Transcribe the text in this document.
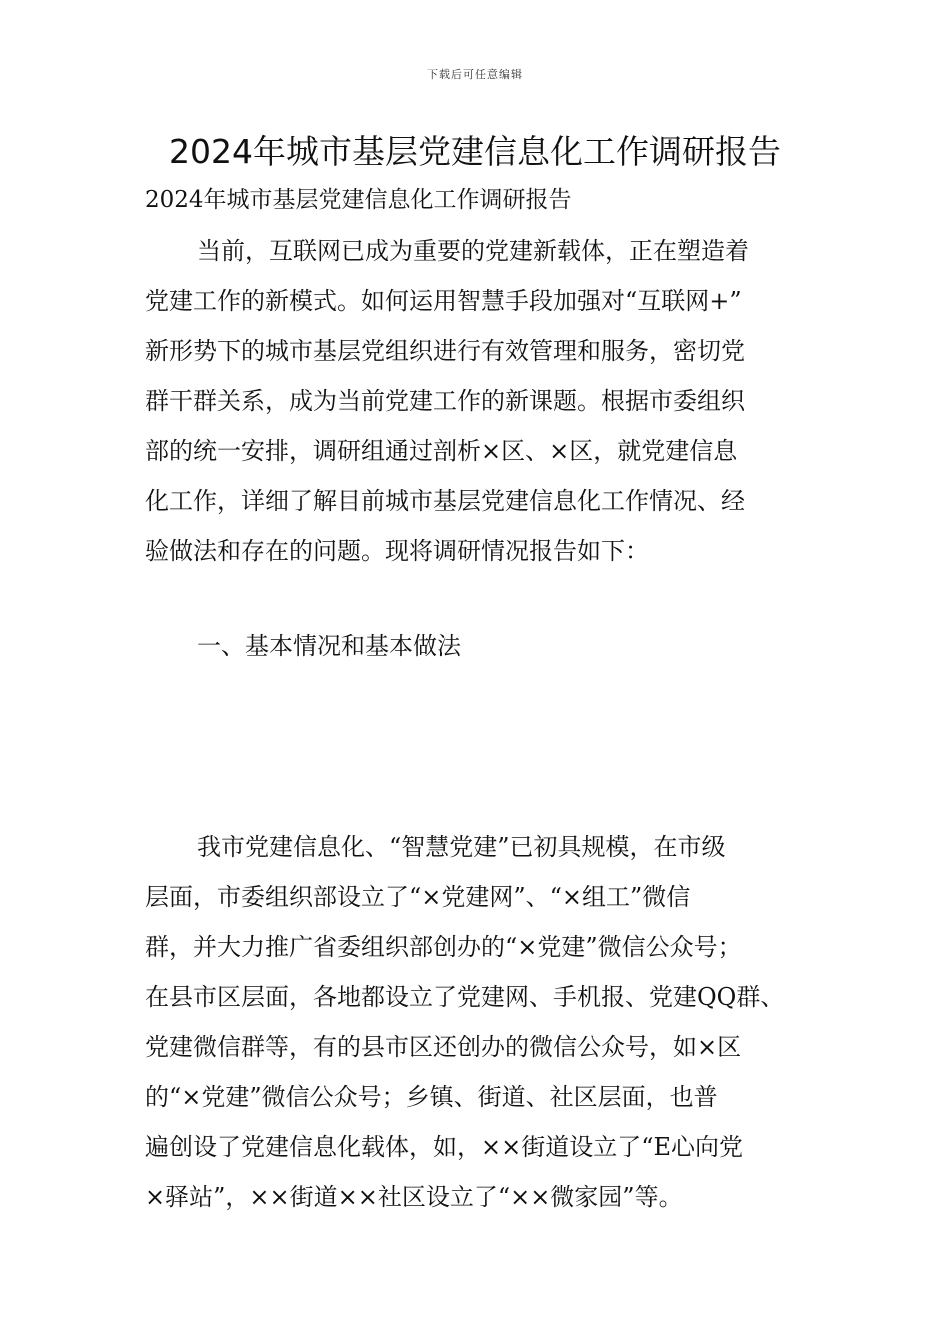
下载后可任意编辑
2024年城市基层党建信息化工作调研报告
2024年城市基层党建信息化工作调研报告
当前，互联网已成为重要的党建新载体，正在塑造着
党建工作的新模式。如何运用智慧手段加强对“互联网+”
新形势下的城市基层党组织进行有效管理和服务，密切党
群干群关系，成为当前党建工作的新课题。根据市委组织
部的统一安排，调研组通过剖析×区、×区，就党建信息
化工作，详细了解目前城市基层党建信息化工作情况、经
验做法和存在的问题。现将调研情况报告如下：
一、基本情况和基本做法
我市党建信息化、“智慧党建”已初具规模，在市级
层面，市委组织部设立了“×党建网”、“×组工”微信
群，并大力推广省委组织部创办的“×党建”微信公众号；
在县市区层面，各地都设立了党建网、手机报、党建QQ群、
党建微信群等，有的县市区还创办的微信公众号，如×区
的“×党建”微信公众号；乡镇、街道、社区层面，也普
遍创设了党建信息化载体，如，××街道设立了“E心向党
×驿站”，××街道××社区设立了“××微家园”等。
